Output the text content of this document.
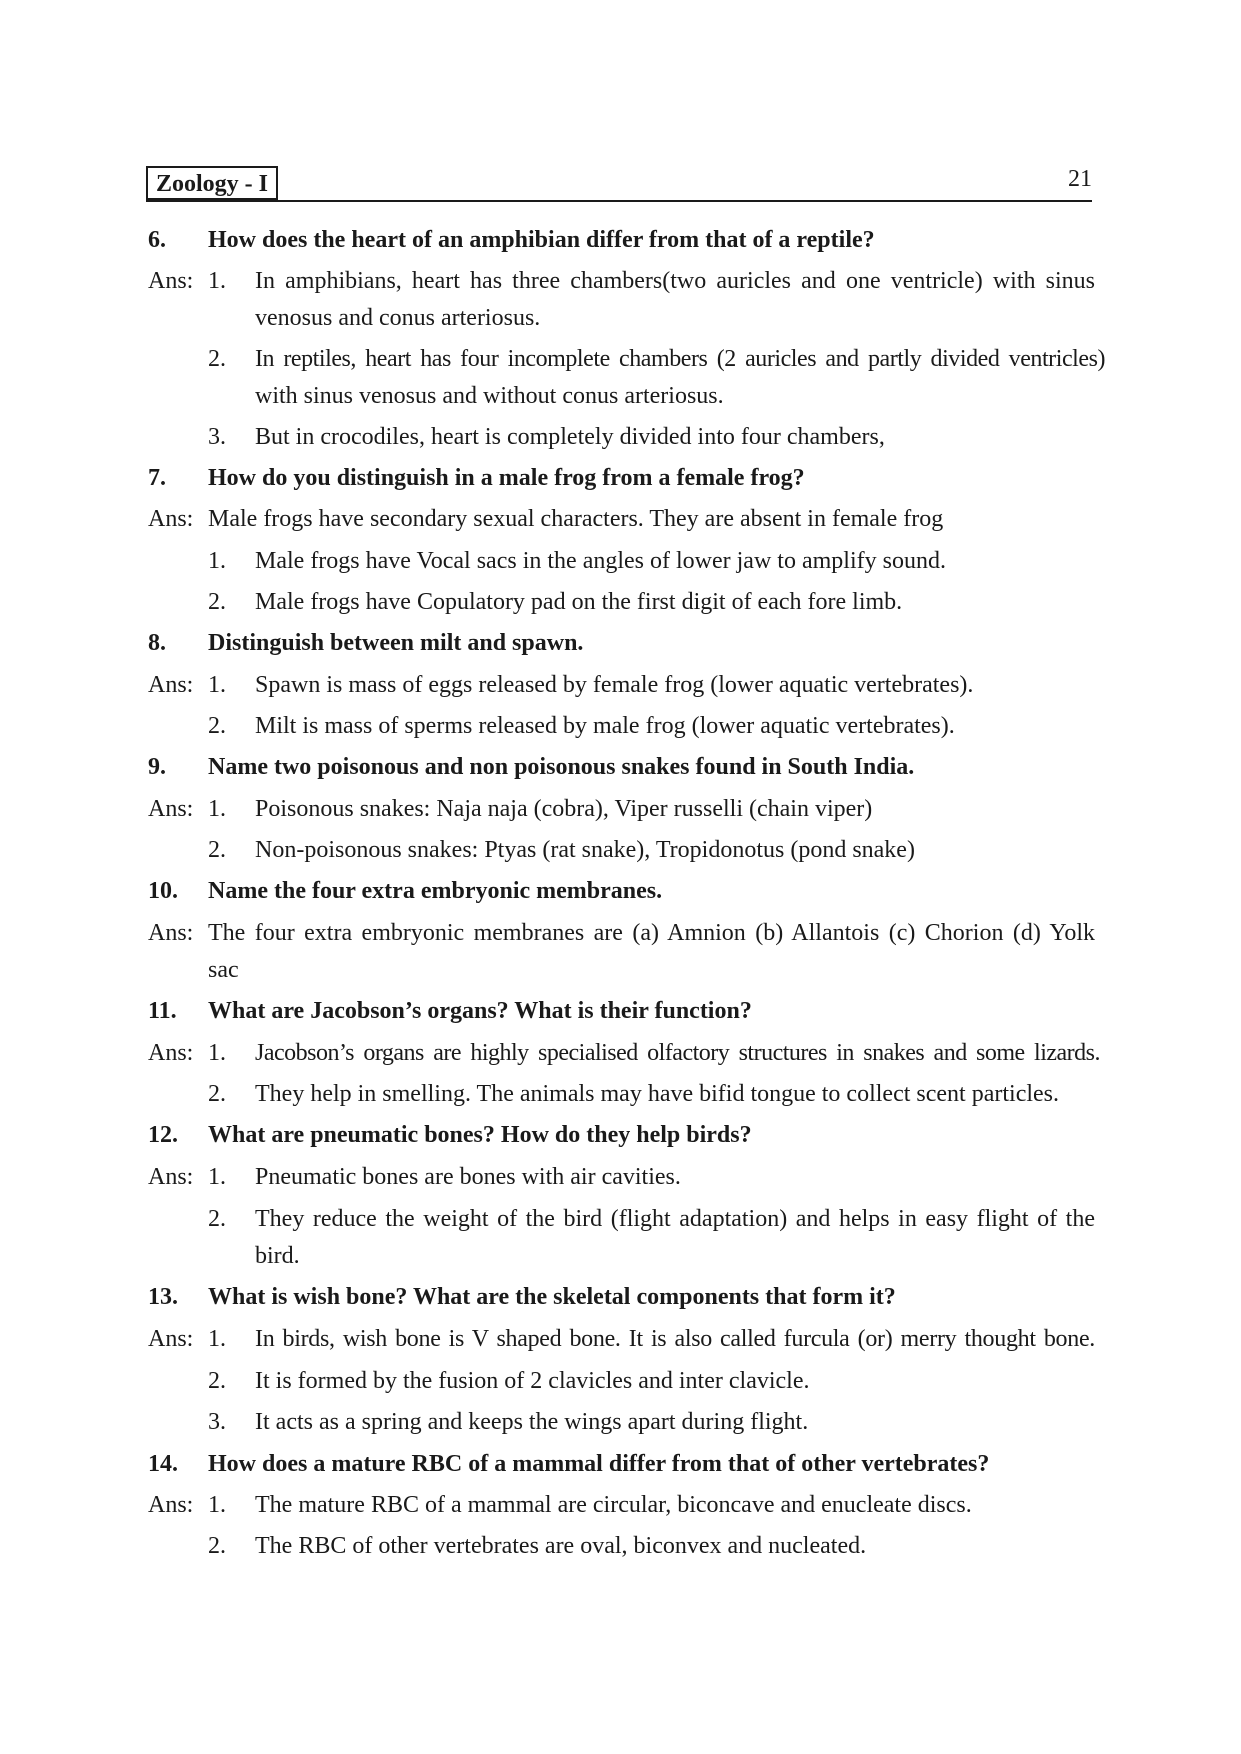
Zoology - I	21
6. How does the heart of an amphibian differ from that of a reptile?
Ans: 1. In amphibians, heart has three chambers(two auricles and one ventricle) with sinus
venosus and conus arteriosus.
2. In reptiles, heart has four incomplete chambers (2 auricles and partly divided ventricles)
with sinus venosus and without conus arteriosus.
3. But in crocodiles, heart is completely divided into four chambers,
7. How do you distinguish in a male frog from a female frog?
Ans: Male frogs have secondary sexual characters. They are absent in female frog
1. Male frogs have Vocal sacs in the angles of lower jaw to amplify sound.
2. Male frogs have Copulatory pad on the first digit of each fore limb.
8. Distinguish between milt and spawn.
Ans: 1. Spawn is mass of eggs released by female frog (lower aquatic vertebrates).
2. Milt is mass of sperms released by male frog (lower aquatic vertebrates).
9. Name two poisonous and non poisonous snakes found in South India.
Ans: 1. Poisonous snakes: Naja naja (cobra), Viper russelli (chain viper)
2. Non-poisonous snakes: Ptyas (rat snake), Tropidonotus (pond snake)
10. Name the four extra embryonic membranes.
Ans: The four extra embryonic membranes are (a) Amnion (b) Allantois (c) Chorion (d) Yolk
sac
11. What are Jacobson’s organs? What is their function?
Ans: 1. Jacobson’s organs are highly specialised olfactory structures in snakes and some lizards.
2. They help in smelling. The animals may have bifid tongue to collect scent particles.
12. What are pneumatic bones? How do they help birds?
Ans: 1. Pneumatic bones are bones with air cavities.
2. They reduce the weight of the bird (flight adaptation) and helps in easy flight of the
bird.
13. What is wish bone? What are the skeletal components that form it?
Ans: 1. In birds, wish bone is V shaped bone. It is also called furcula (or) merry thought bone.
2. It is formed by the fusion of 2 clavicles and inter clavicle.
3. It acts as a spring and keeps the wings apart during flight.
14. How does a mature RBC of a mammal differ from that of other vertebrates?
Ans: 1. The mature RBC of a mammal are circular, biconcave and enucleate discs.
2. The RBC of other vertebrates are oval, biconvex and nucleated.
